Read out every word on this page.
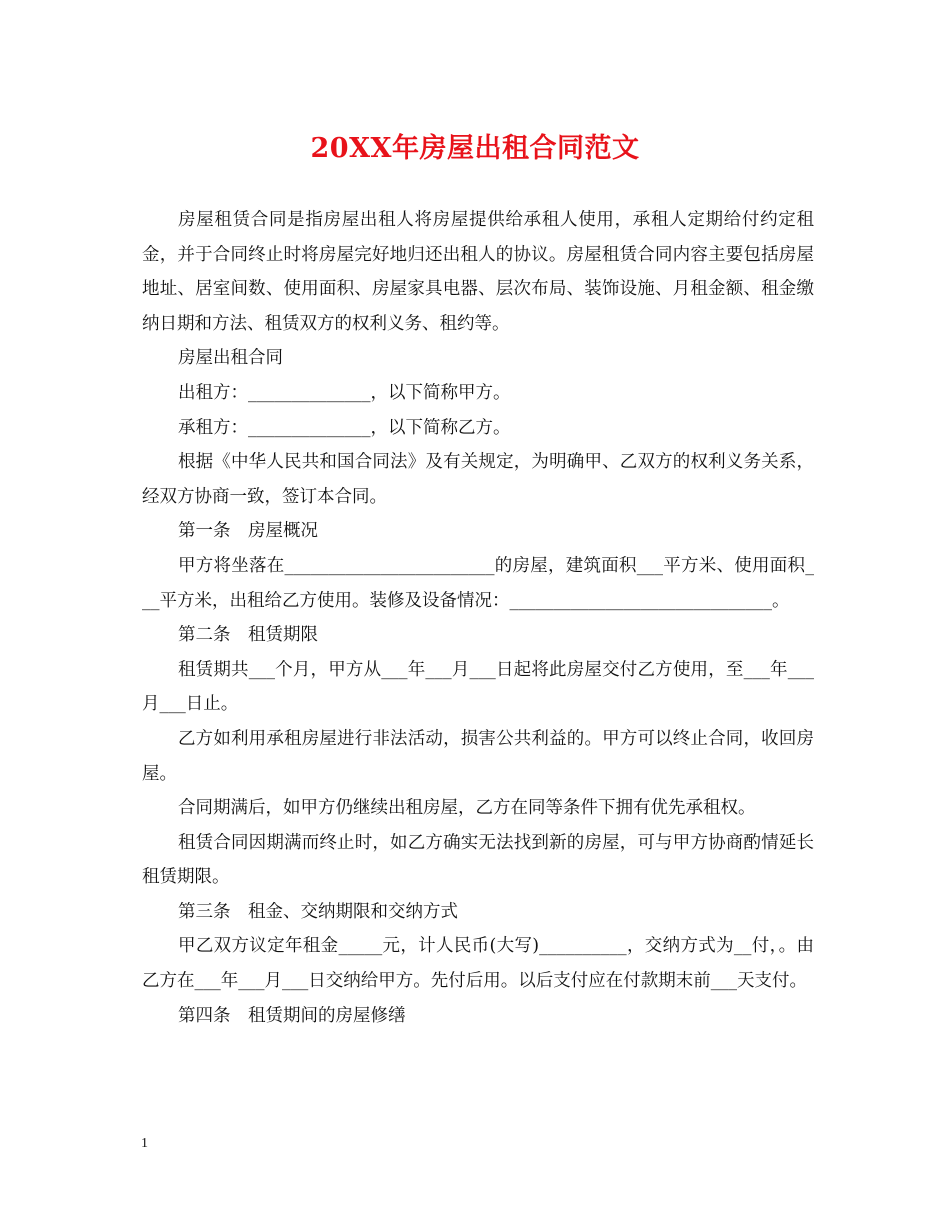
20XX年房屋出租合同范文

房屋租赁合同是指房屋出租人将房屋提供给承租人使用，承租人定期给付约定租金，并于合同终止时将房屋完好地归还出租人的协议。房屋租赁合同内容主要包括房屋地址、居室间数、使用面积、房屋家具电器、层次布局、装饰设施、月租金额、租金缴纳日期和方法、租赁双方的权利义务、租约等。

房屋出租合同

出租方：______________，以下简称甲方。

承租方：______________，以下简称乙方。

根据《中华人民共和国合同法》及有关规定，为明确甲、乙双方的权利义务关系，经双方协商一致，签订本合同。

第一条　房屋概况

甲方将坐落在________________________的房屋，建筑面积___平方米、使用面积___平方米，出租给乙方使用。装修及设备情况：______________________________。

第二条　租赁期限

租赁期共___个月，甲方从___年___月___日起将此房屋交付乙方使用，至___年___月___日止。

乙方如利用承租房屋进行非法活动，损害公共利益的。甲方可以终止合同，收回房屋。

合同期满后，如甲方仍继续出租房屋，乙方在同等条件下拥有优先承租权。

租赁合同因期满而终止时，如乙方确实无法找到新的房屋，可与甲方协商酌情延长租赁期限。

第三条　租金、交纳期限和交纳方式

甲乙双方议定年租金_____元，计人民币(大写)__________，交纳方式为__付，。由乙方在___年___月___日交纳给甲方。先付后用。以后支付应在付款期末前___天支付。

第四条　租赁期间的房屋修缮

1
